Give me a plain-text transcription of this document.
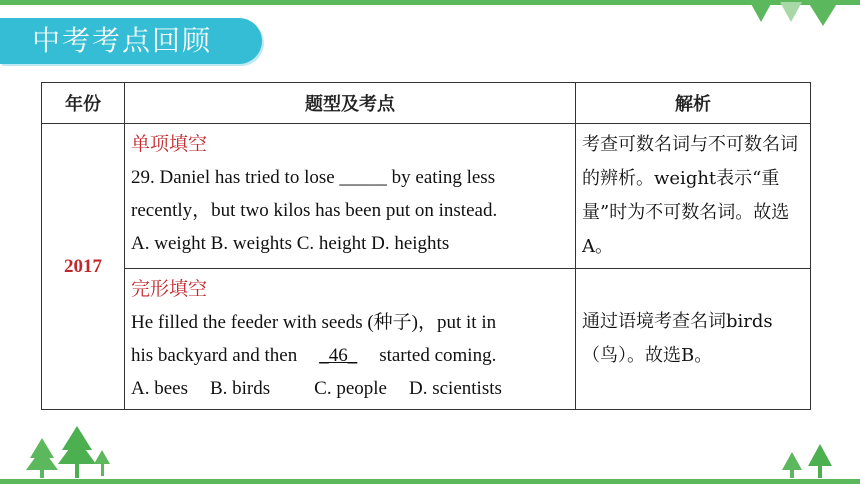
中考考点回顾
年份	题型及考点	解析
2017	单项填空
29. Daniel has tried to lose _____ by eating less
recently，but two kilos has been put on instead.
A. weight B. weights C. height D. heights	考查可数名词与不可数名词的辨析。weight表示“重量”时为不可数名词。故选A。

	完形填空
He filled the feeder with seeds (种子)，put it in
his backyard and then _46_ started coming.
A. bees B. birds C. people D. scientists	通过语境考查名词birds（鸟）。故选B。
